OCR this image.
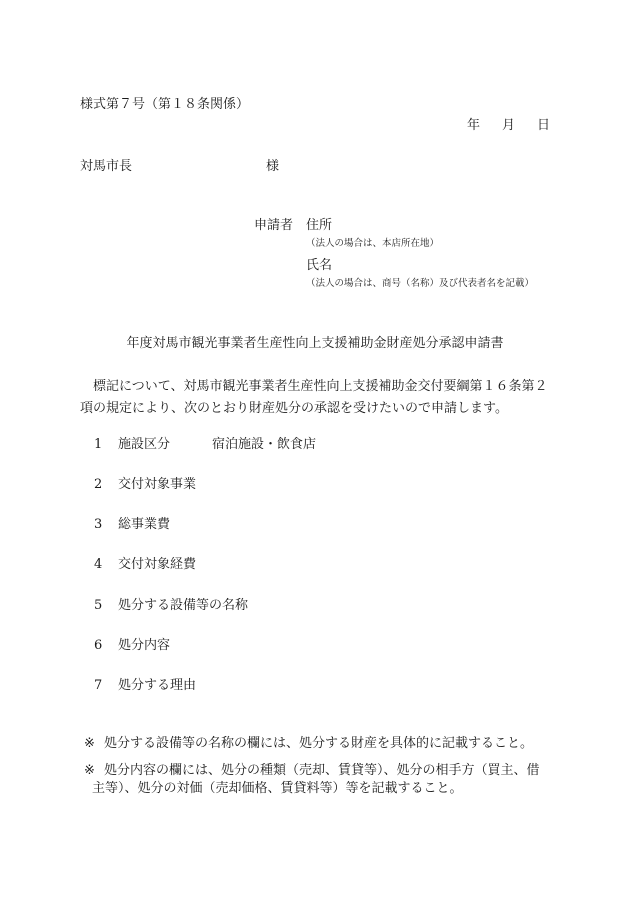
様式第７号（第１８条関係）
年 月 日
対馬市長	様
申請者 住所
（法人の場合は、本店所在地）
氏名
（法人の場合は、商号（名称）及び代表者名を記載）
年度対馬市観光事業者生産性向上支援補助金財産処分承認申請書

標記について、対馬市観光事業者生産性向上支援補助金交付要綱第１６条第２

項の規定により、次のとおり財産処分の承認を受けたいので申請します。

1 施設区分	宿泊施設・飲食店
2 交付対象事業
3 総事業費
4 交付対象経費
5 処分する設備等の名称
6 処分内容
7 処分する理由
※ 処分する設備等の名称の欄には、処分する財産を具体的に記載すること。
※ 処分内容の欄には、処分の種類（売却、賃貸等）、処分の相手方（買主、借
主等）、処分の対価（売却価格、賃貸料等）等を記載すること。
